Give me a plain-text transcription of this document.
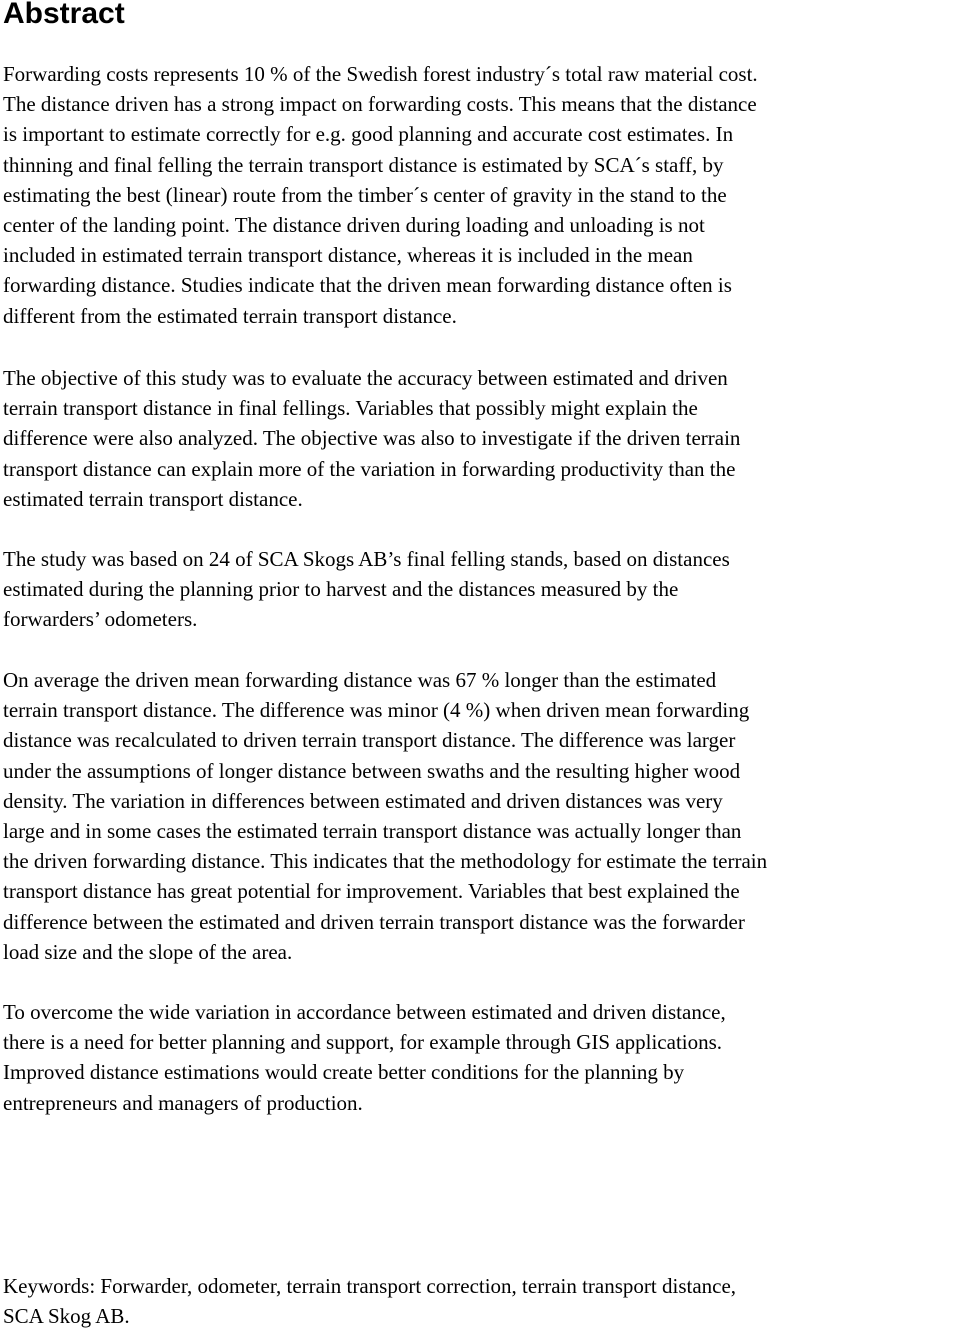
Abstract

Forwarding costs represents 10 % of the Swedish forest industry´s total raw material cost.
The distance driven has a strong impact on forwarding costs. This means that the distance
is important to estimate correctly for e.g. good planning and accurate cost estimates. In
thinning and final felling the terrain transport distance is estimated by SCA´s staff, by
estimating the best (linear) route from the timber´s center of gravity in the stand to the
center of the landing point. The distance driven during loading and unloading is not
included in estimated terrain transport distance, whereas it is included in the mean
forwarding distance. Studies indicate that the driven mean forwarding distance often is
different from the estimated terrain transport distance.

The objective of this study was to evaluate the accuracy between estimated and driven
terrain transport distance in final fellings. Variables that possibly might explain the
difference were also analyzed. The objective was also to investigate if the driven terrain
transport distance can explain more of the variation in forwarding productivity than the
estimated terrain transport distance.

The study was based on 24 of SCA Skogs AB’s final felling stands, based on distances
estimated during the planning prior to harvest and the distances measured by the
forwarders’ odometers.

On average the driven mean forwarding distance was 67 % longer than the estimated
terrain transport distance. The difference was minor (4 %) when driven mean forwarding
distance was recalculated to driven terrain transport distance. The difference was larger
under the assumptions of longer distance between swaths and the resulting higher wood
density. The variation in differences between estimated and driven distances was very
large and in some cases the estimated terrain transport distance was actually longer than
the driven forwarding distance. This indicates that the methodology for estimate the terrain
transport distance has great potential for improvement. Variables that best explained the
difference between the estimated and driven terrain transport distance was the forwarder
load size and the slope of the area.

To overcome the wide variation in accordance between estimated and driven distance,
there is a need for better planning and support, for example through GIS applications.
Improved distance estimations would create better conditions for the planning by
entrepreneurs and managers of production.

Keywords: Forwarder, odometer, terrain transport correction, terrain transport distance,
SCA Skog AB.
